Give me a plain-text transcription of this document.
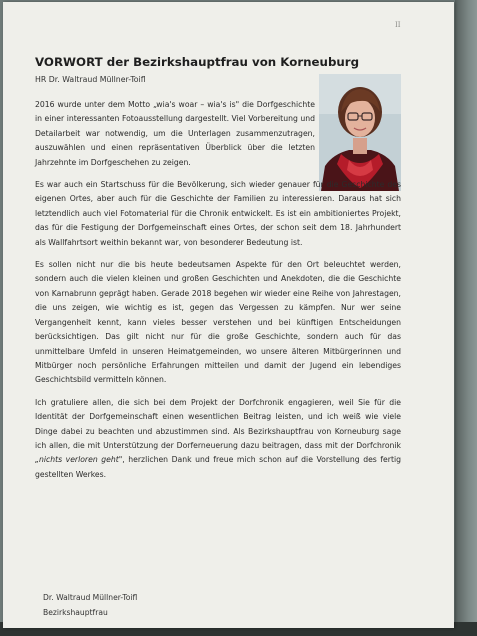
II
VORWORT der Bezirkshauptfrau von Korneuburg
HR Dr. Waltraud Müllner-Toifl

2016 wurde unter dem Motto „wia's woar – wia's is" die Dorfgeschichte in einer interessanten Fotoausstellung dargestellt. Viel Vorbereitung und Detailarbeit war notwendig, um die Unterlagen zusammenzutragen, auszuwählen und einen repräsentativen Überblick über die letzten Jahrzehnte im Dorfgeschehen zu zeigen.

Es war auch ein Startschuss für die Bevölkerung, sich wieder genauer für die Geschichte des eigenen Ortes, aber auch für die Geschichte der Familien zu interessieren. Daraus hat sich letztendlich auch viel Fotomaterial für die Chronik entwickelt. Es ist ein ambitioniertes Projekt, das für die Festigung der Dorfgemeinschaft eines Ortes, der schon seit dem 18. Jahrhundert als Wallfahrtsort weithin bekannt war, von besonderer Bedeutung ist.

Es sollen nicht nur die bis heute bedeutsamen Aspekte für den Ort beleuchtet werden, sondern auch die vielen kleinen und großen Geschichten und Anekdoten, die die Geschichte von Karnabrunn geprägt haben. Gerade 2018 begehen wir wieder eine Reihe von Jahrestagen, die uns zeigen, wie wichtig es ist, gegen das Vergessen zu kämpfen. Nur wer seine Vergangenheit kennt, kann vieles besser verstehen und bei künftigen Entscheidungen berücksichtigen. Das gilt nicht nur für die große Geschichte, sondern auch für das unmittelbare Umfeld in unseren Heimatgemeinden, wo unsere älteren Mitbürgerinnen und Mitbürger noch persönliche Erfahrungen mitteilen und damit der Jugend ein lebendiges Geschichtsbild vermitteln können.

Ich gratuliere allen, die sich bei dem Projekt der Dorfchronik engagieren, weil Sie für die Identität der Dorfgemeinschaft einen wesentlichen Beitrag leisten, und ich weiß wie viele Dinge dabei zu beachten und abzustimmen sind. Als Bezirkshauptfrau von Korneuburg sage ich allen, die mit Unterstützung der Dorferneuerung dazu beitragen, dass mit der Dorfchronik „nichts verloren geht", herzlichen Dank und freue mich schon auf die Vorstellung des fertig gestellten Werkes.

Dr. Waltraud Müllner-Toifl
Bezirkshauptfrau
